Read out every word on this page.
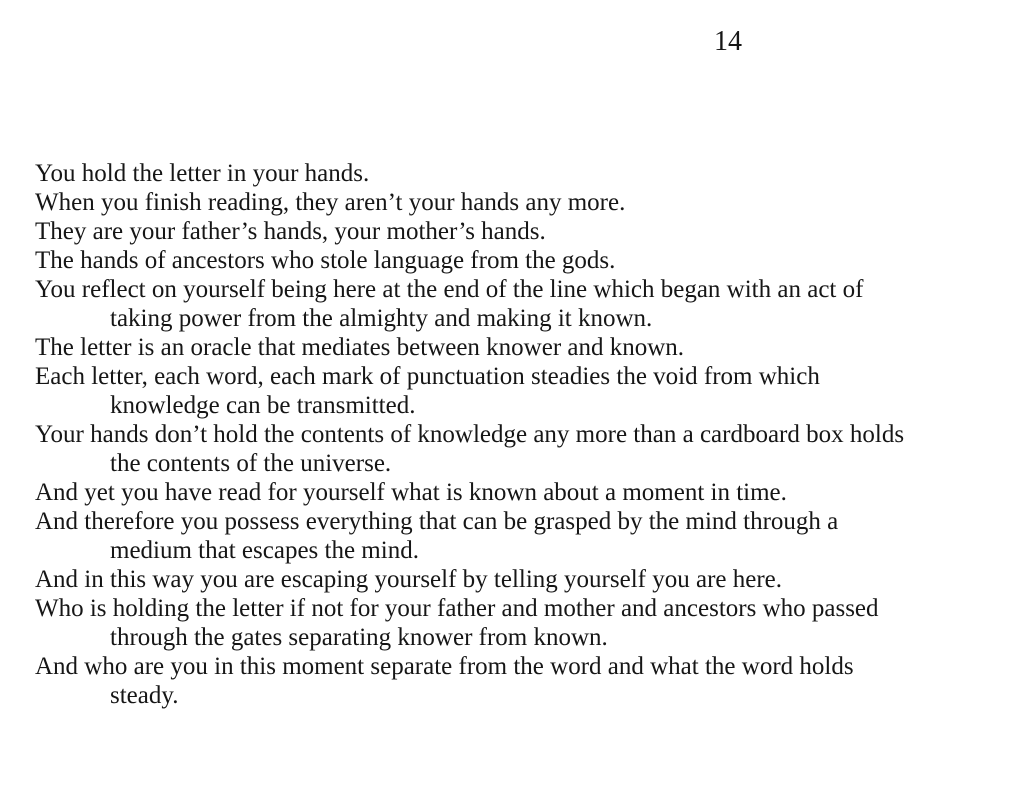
14
You hold the letter in your hands.
When you finish reading, they aren’t your hands any more.
They are your father’s hands, your mother’s hands.
The hands of ancestors who stole language from the gods.
You reflect on yourself being here at the end of the line which began with an act of
taking power from the almighty and making it known.
The letter is an oracle that mediates between knower and known.
Each letter, each word, each mark of punctuation steadies the void from which
knowledge can be transmitted.
Your hands don’t hold the contents of knowledge any more than a cardboard box holds
the contents of the universe.
And yet you have read for yourself what is known about a moment in time.
And therefore you possess everything that can be grasped by the mind through a
medium that escapes the mind.
And in this way you are escaping yourself by telling yourself you are here.
Who is holding the letter if not for your father and mother and ancestors who passed
through the gates separating knower from known.
And who are you in this moment separate from the word and what the word holds
steady.
